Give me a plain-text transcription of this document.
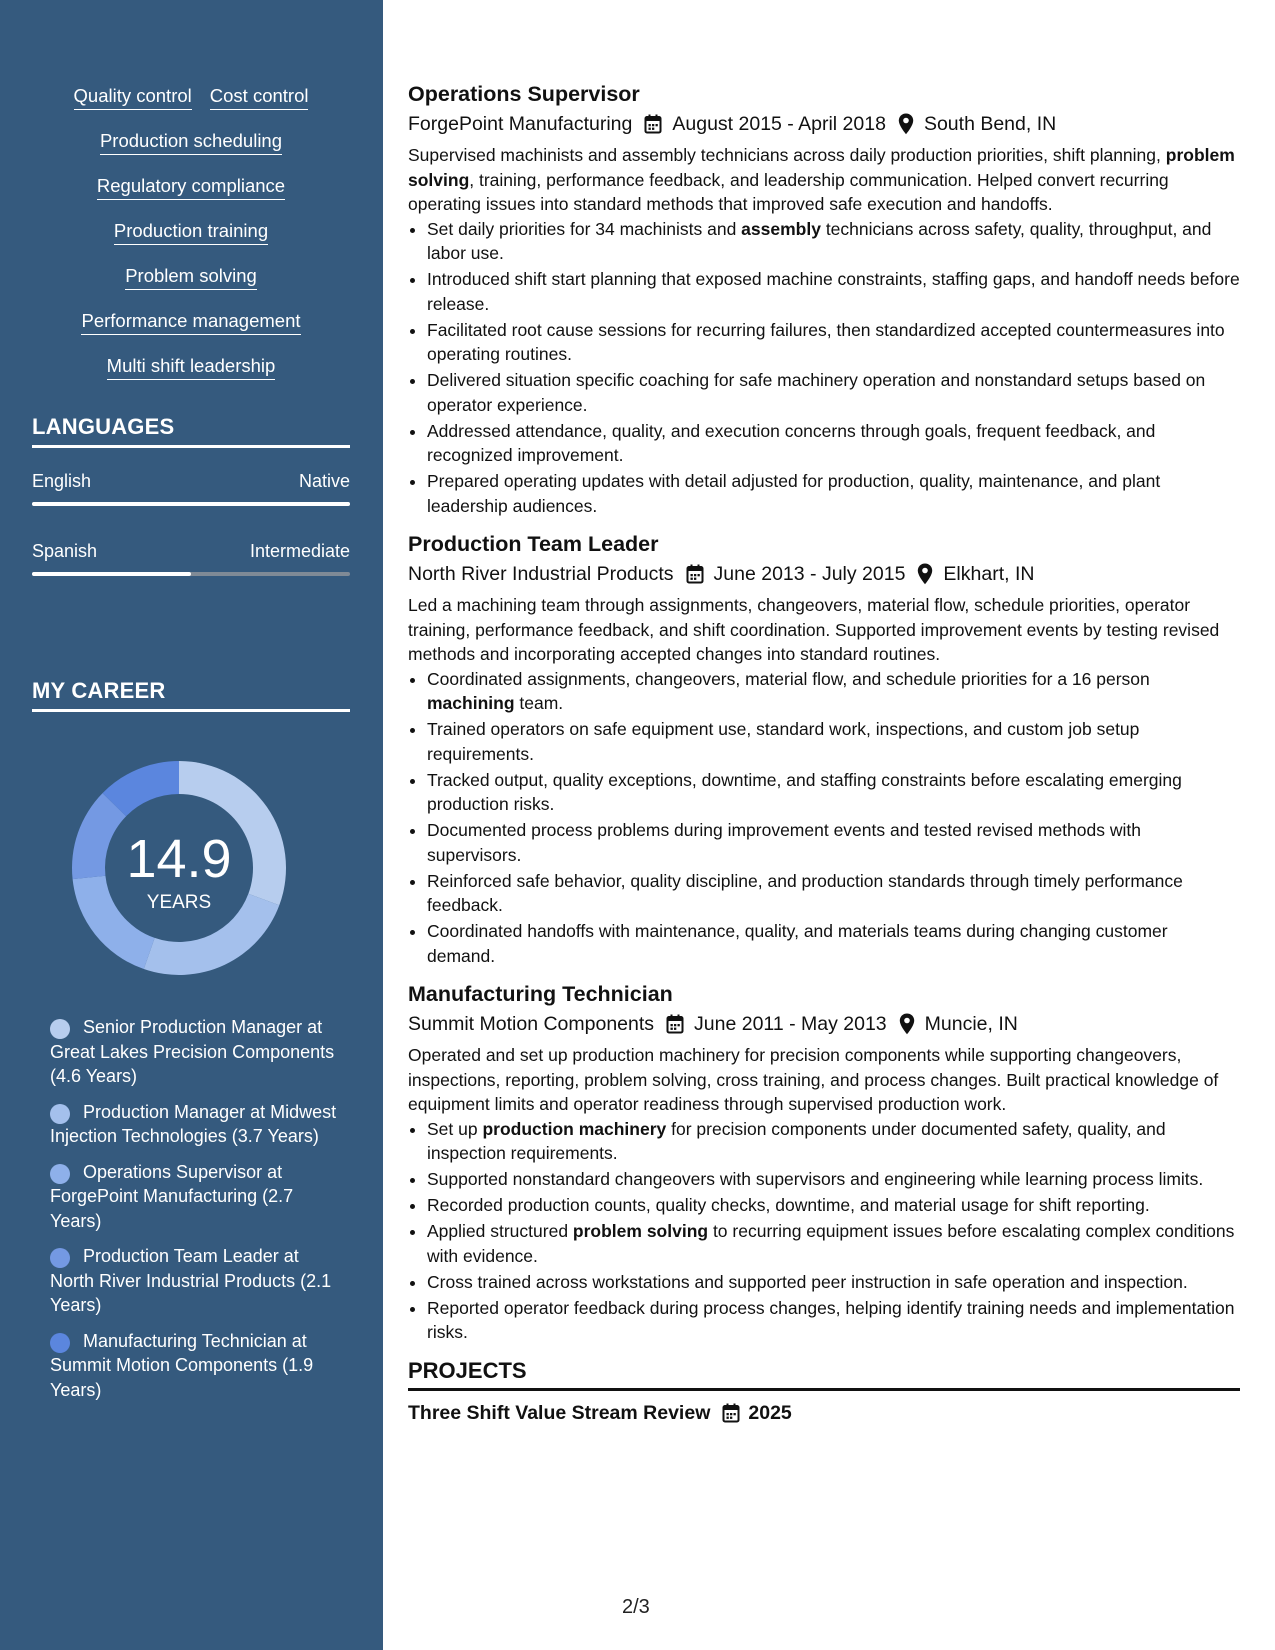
Quality control Cost control
Production scheduling
Regulatory compliance
Production training
Problem solving
Performance management
Multi shift leadership
LANGUAGES
English	Native
Spanish	Intermediate
MY CAREER
14.9
YEARS
Senior Production Manager at Great Lakes Precision Components (4.6 Years)
Production Manager at Midwest Injection Technologies (3.7 Years)
Operations Supervisor at ForgePoint Manufacturing (2.7 Years)
Production Team Leader at North River Industrial Products (2.1 Years)
Manufacturing Technician at Summit Motion Components (1.9 Years)
Operations Supervisor
ForgePoint Manufacturing August 2015 - April 2018 South Bend, IN
Supervised machinists and assembly technicians across daily production priorities, shift planning, problem solving, training, performance feedback, and leadership communication. Helped convert recurring operating issues into standard methods that improved safe execution and handoffs.
• Set daily priorities for 34 machinists and assembly technicians across safety, quality, throughput, and labor use.
• Introduced shift start planning that exposed machine constraints, staffing gaps, and handoff needs before release.
• Facilitated root cause sessions for recurring failures, then standardized accepted countermeasures into operating routines.
• Delivered situation specific coaching for safe machinery operation and nonstandard setups based on operator experience.
• Addressed attendance, quality, and execution concerns through goals, frequent feedback, and recognized improvement.
• Prepared operating updates with detail adjusted for production, quality, maintenance, and plant leadership audiences.
Production Team Leader
North River Industrial Products June 2013 - July 2015 Elkhart, IN
Led a machining team through assignments, changeovers, material flow, schedule priorities, operator training, performance feedback, and shift coordination. Supported improvement events by testing revised methods and incorporating accepted changes into standard routines.
• Coordinated assignments, changeovers, material flow, and schedule priorities for a 16 person machining team.
• Trained operators on safe equipment use, standard work, inspections, and custom job setup requirements.
• Tracked output, quality exceptions, downtime, and staffing constraints before escalating emerging production risks.
• Documented process problems during improvement events and tested revised methods with supervisors.
• Reinforced safe behavior, quality discipline, and production standards through timely performance feedback.
• Coordinated handoffs with maintenance, quality, and materials teams during changing customer demand.
Manufacturing Technician
Summit Motion Components June 2011 - May 2013 Muncie, IN
Operated and set up production machinery for precision components while supporting changeovers, inspections, reporting, problem solving, cross training, and process changes. Built practical knowledge of equipment limits and operator readiness through supervised production work.
• Set up production machinery for precision components under documented safety, quality, and inspection requirements.
• Supported nonstandard changeovers with supervisors and engineering while learning process limits.
• Recorded production counts, quality checks, downtime, and material usage for shift reporting.
• Applied structured problem solving to recurring equipment issues before escalating complex conditions with evidence.
• Cross trained across workstations and supported peer instruction in safe operation and inspection.
• Reported operator feedback during process changes, helping identify training needs and implementation risks.
PROJECTS
Three Shift Value Stream Review 2025
2/3
